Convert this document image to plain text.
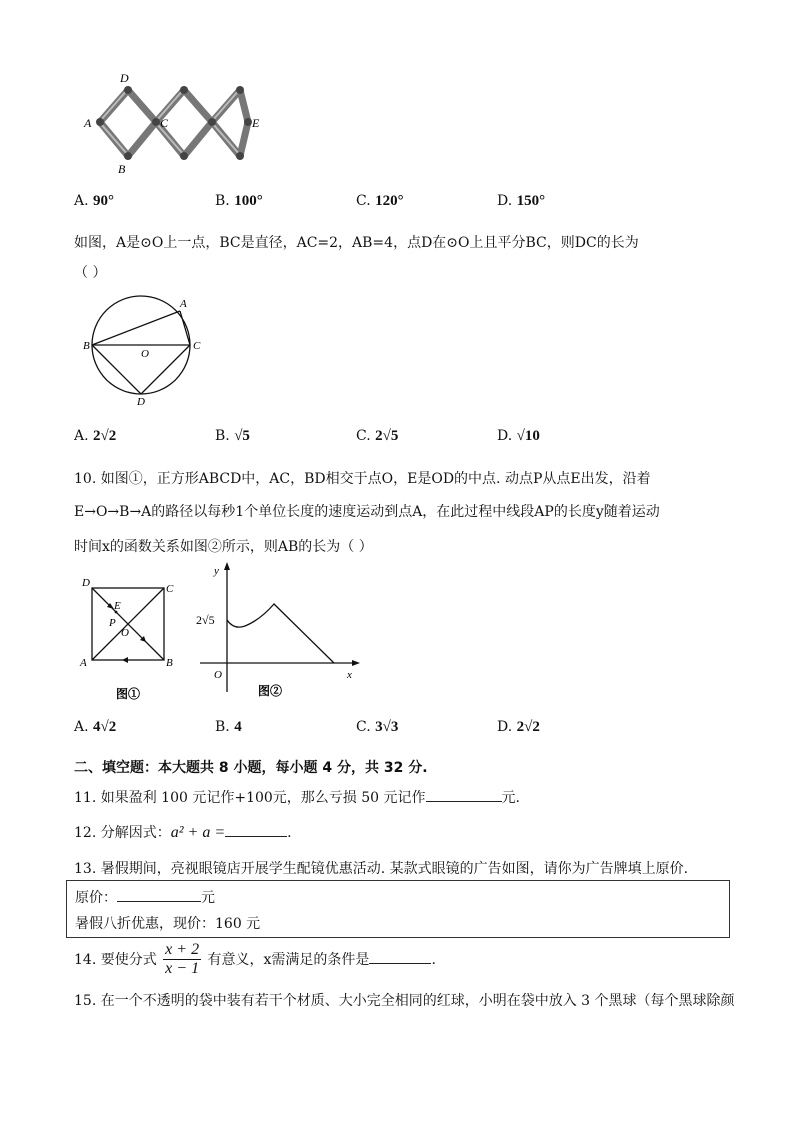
D
A	C	E
B
A. 90°	B. 100°	C. 120°	D. 150°
如图，A是⊙O上一点，BC是直径，AC=2，AB=4，点D在⊙O上且平分BC，则DC的长为
（ ）
A
B	C
O
D
A. 2√2	B. √5	C. 2√5	D. √10
10. 如图①，正方形ABCD中，AC，BD相交于点O，E是OD的中点. 动点P从点E出发，沿着
E→O→B→A的路径以每秒1个单位长度的速度运动到点A，在此过程中线段AP的长度y随着运动
时间x的函数关系如图②所示，则AB的长为（ ）
D	C
A	B
E
P
O
图①
y
x
O
2√5
图②
A. 4√2	B. 4	C. 3√3	D. 2√2
二、填空题：本大题共 8 小题，每小题 4 分，共 32 分.
11. 如果盈利 100 元记作+100元，那么亏损 50 元记作	元.
12. 分解因式：a² + a =	.
13. 暑假期间，亮视眼镜店开展学生配镜优惠活动. 某款式眼镜的广告如图，请你为广告牌填上原价.
原价：	元
暑假八折优惠，现价：160 元
14. 要使分式 $\frac{x + 2}{x - 1}$ 有意义，x需满足的条件是	.
15. 在一个不透明的袋中装有若干个材质、大小完全相同的红球，小明在袋中放入 3 个黑球（每个黑球除颜
